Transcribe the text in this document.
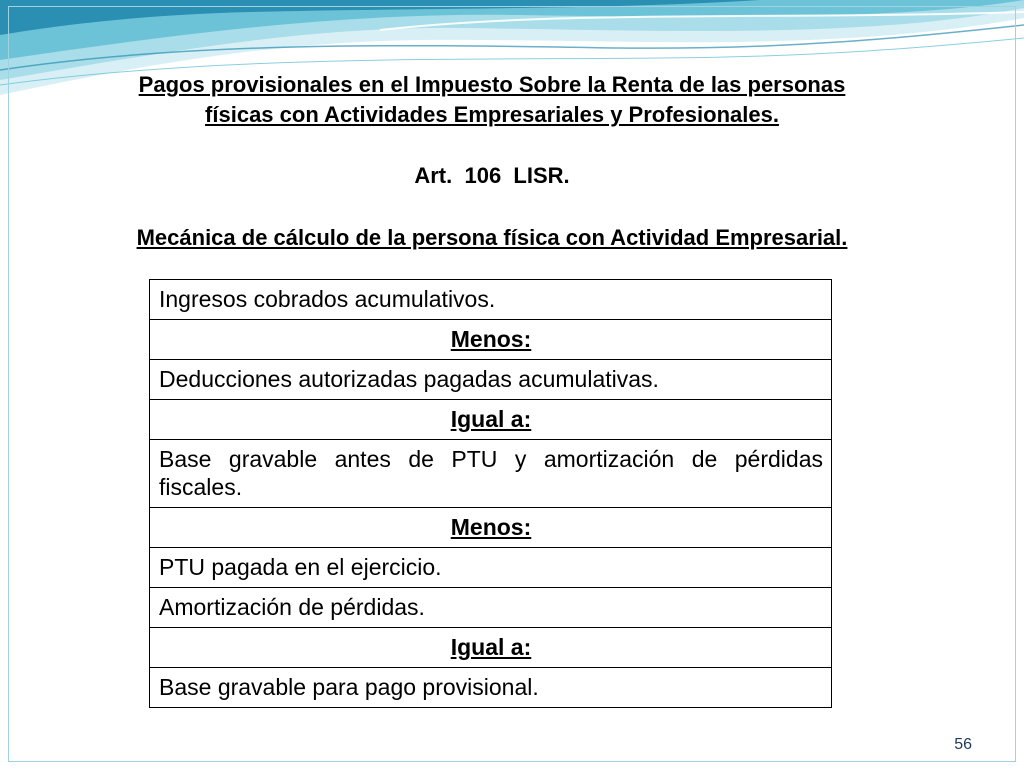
Pagos provisionales en el Impuesto Sobre la Renta de las personas
físicas con Actividades Empresariales y Profesionales.
Art.  106  LISR.
Mecánica de cálculo de la persona física con Actividad Empresarial.
Ingresos cobrados acumulativos.
Menos:
Deducciones autorizadas pagadas acumulativas.
Igual a:
Base gravable antes de PTU y amortización de pérdidas fiscales.
Menos:
PTU pagada en el ejercicio.
Amortización de pérdidas.
Igual a:
Base gravable para pago provisional.
56
